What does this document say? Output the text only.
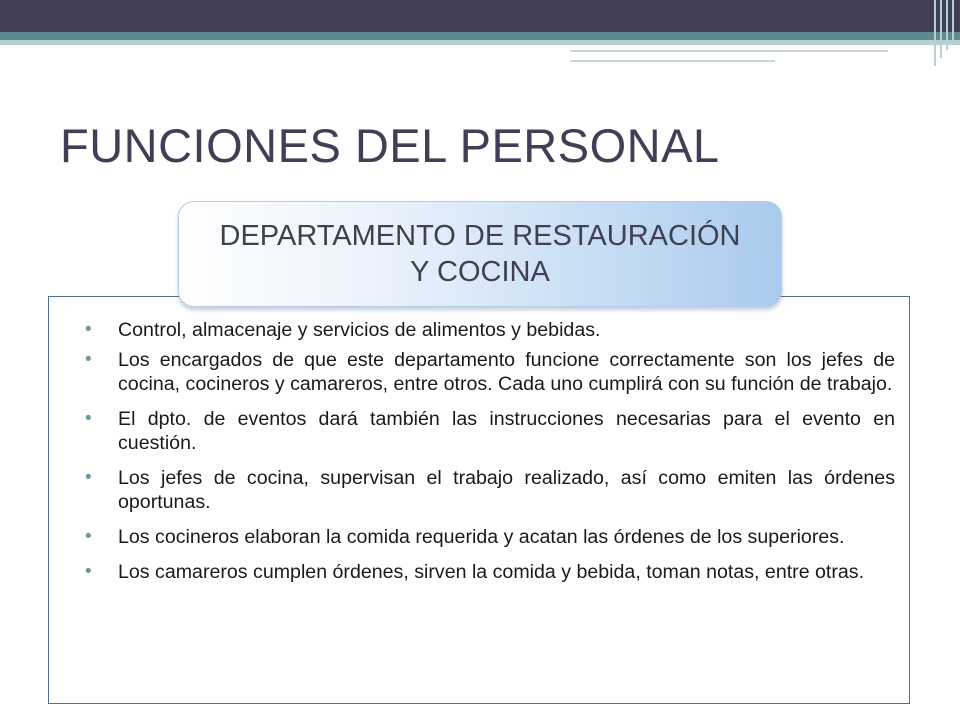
FUNCIONES DEL PERSONAL
DEPARTAMENTO DE RESTAURACIÓN Y COCINA
• Control, almacenaje y servicios de alimentos y bebidas.
• Los encargados de que este departamento funcione correctamente son los jefes de cocina, cocineros y camareros, entre otros. Cada uno cumplirá con su función de trabajo.
• El dpto. de eventos dará también las instrucciones necesarias para el evento en cuestión.
• Los jefes de cocina, supervisan el trabajo realizado, así como emiten las órdenes oportunas.
• Los cocineros elaboran la comida requerida y acatan las órdenes de los superiores.
• Los camareros cumplen órdenes, sirven la comida y bebida, toman notas, entre otras.
